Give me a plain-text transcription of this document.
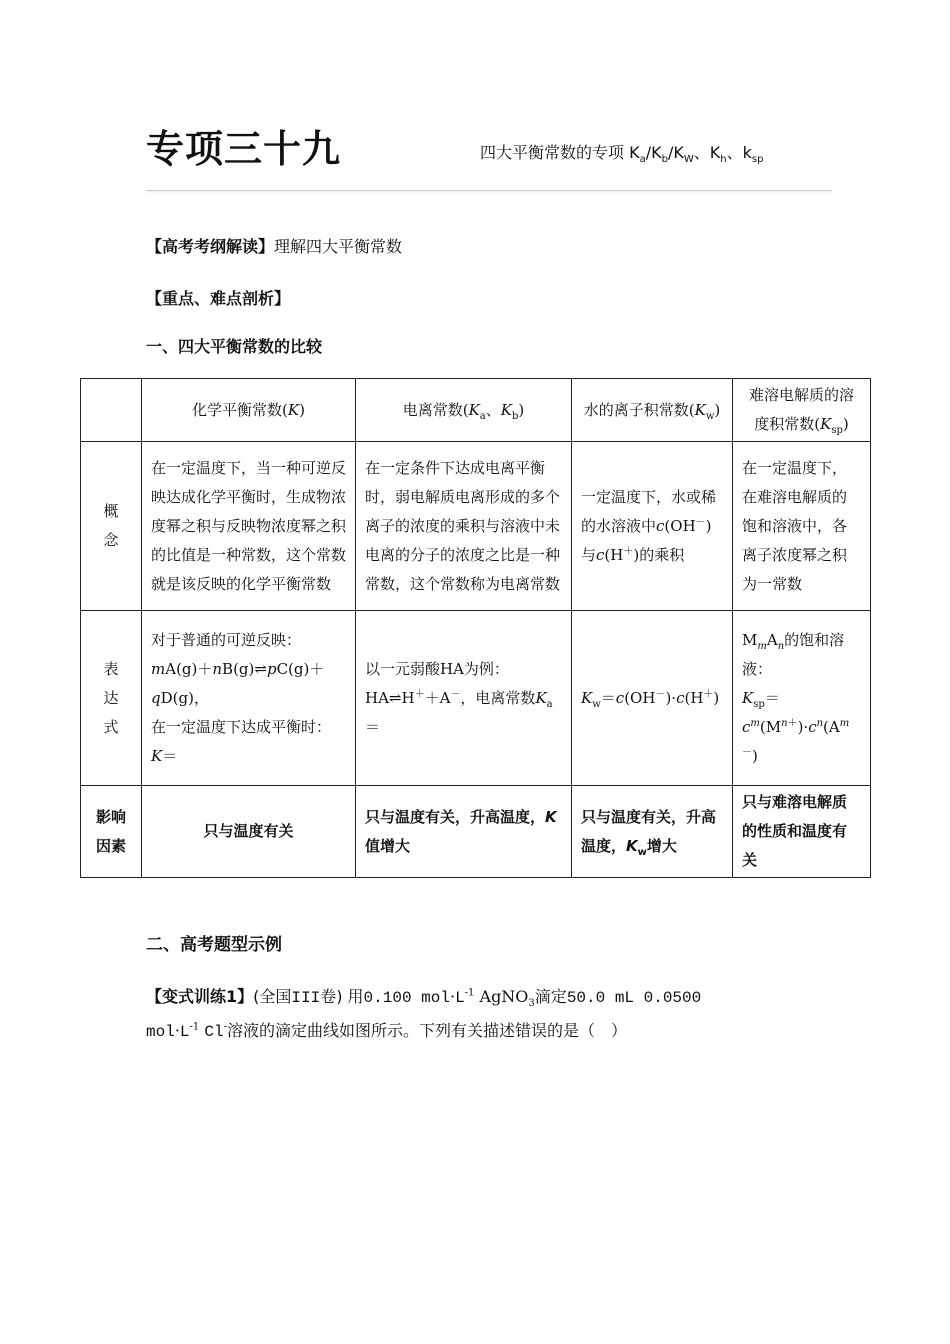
专项三十九	四大平衡常数的专项 $K_a/K_b/K_W$、$K_h$、$k_{sp}$
【高考考纲解读】理解四大平衡常数
【重点、难点剖析】
一、四大平衡常数的比较
	化学平衡常数(K)	电离常数($K_a$、$K_b$)	水的离子积常数$(K_w)$	难溶电解质的溶度积常数$(K_{sp})$
概
念	在一定温度下，当一种可逆反映达成化学平衡时，生成物浓度幂之积与反映物浓度幂之积的比值是一种常数，这个常数就是该反映的化学平衡常数	在一定条件下达成电离平衡时，弱电解质电离形成的多个离子的浓度的乘积与溶液中未电离的分子的浓度之比是一种常数，这个常数称为电离常数	一定温度下，水或稀的水溶液中c(OH－)与c(H＋)的乘积	在一定温度下，在难溶电解质的饱和溶液中，各离子浓度幂之积为一常数
表
达
式	对于普通的可逆反映：
mA(g)＋nB(g)⇌pC(g)＋qD(g)，
在一定温度下达成平衡时：
K＝	以一元弱酸HA为例：
HA⇌H＋＋A－，电离常数$K_a=$	$K_w=c(OH^-)\cdot c(H^+)$	$M_mA_n$的饱和溶液：
$K_{sp}=$
$c^m(M^{n+})\cdot c^n(A^{m-})$
影响
因素	只与温度有关	只与温度有关，升高温度，K值增大	只与温度有关，升高温度，$K_w$增大	只与难溶电解质的性质和温度有关
二、高考题型示例
【变式训练1】(全国III卷) 用0.100 $mol\cdot L^{-1}$ AgNO$_3$滴定50.0 mL 0.0500
$mol\cdot L^{-1}$ Cl-溶液的滴定曲线如图所示。下列有关描述错误的是（　）
